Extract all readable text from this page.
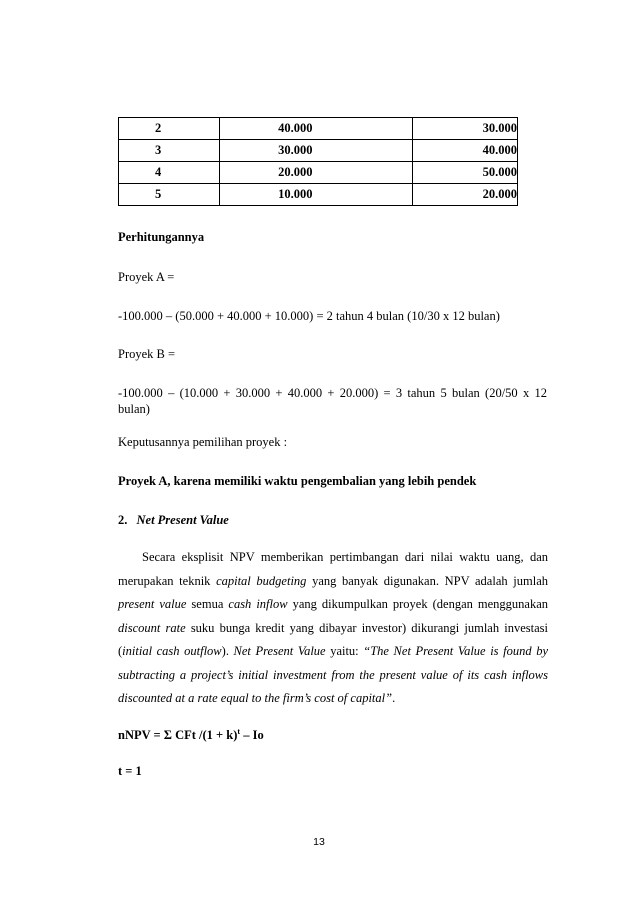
2	40.000	30.000
3	30.000	40.000
4	20.000	50.000
5	10.000	20.000
Perhitungannya
Proyek A =
-100.000 – (50.000 + 40.000 + 10.000) = 2 tahun 4 bulan (10/30 x 12 bulan)
Proyek B =
-100.000 – (10.000 + 30.000 + 40.000 + 20.000) = 3 tahun 5 bulan (20/50 x 12
bulan)
Keputusannya pemilihan proyek :
Proyek A, karena memiliki waktu pengembalian yang lebih pendek
2. Net Present Value
Secara eksplisit NPV memberikan pertimbangan dari nilai waktu uang, dan merupakan teknik capital budgeting yang banyak digunakan. NPV adalah jumlah present value semua cash inflow yang dikumpulkan proyek (dengan menggunakan discount rate suku bunga kredit yang dibayar investor) dikurangi jumlah investasi (initial cash outflow). Net Present Value yaitu: “The Net Present Value is found by subtracting a project’s initial investment from the present value of its cash inflows discounted at a rate equal to the firm’s cost of capital”.
nNPV = Σ CFt $/(1 + k)^t - Io$
t = 1
13
